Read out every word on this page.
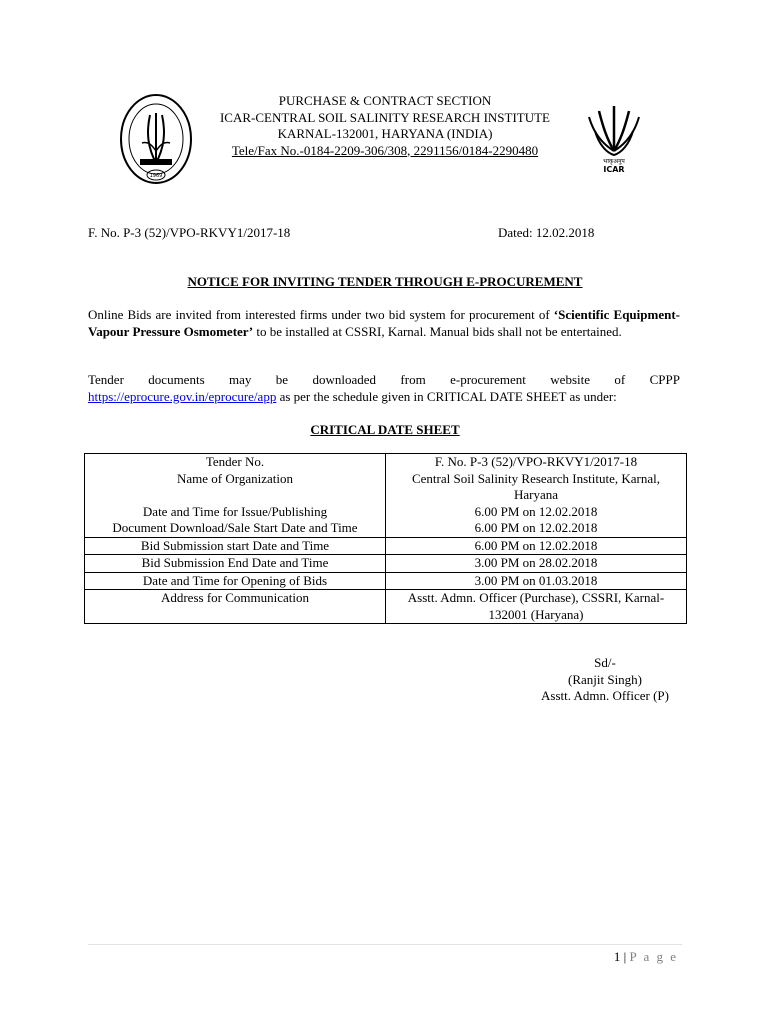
1969
PURCHASE & CONTRACT SECTION
ICAR-CENTRAL SOIL SALINITY RESEARCH INSTITUTE
KARNAL-132001, HARYANA (INDIA)
Tele/Fax No.-0184-2209-306/308, 2291156/0184-2290480
भाकृअनुप
ICAR
F. No. P-3 (52)/VPO-RKVY1/2017-18	Dated: 12.02.2018
NOTICE FOR INVITING TENDER THROUGH E-PROCUREMENT
Online Bids are invited from interested firms under two bid system for procurement of ‘Scientific Equipment-Vapour Pressure Osmometer’ to be installed at CSSRI, Karnal. Manual bids shall not be entertained.
Tender documents may be downloaded from e-procurement website of CPPP https://eprocure.gov.in/eprocure/app as per the schedule given in CRITICAL DATE SHEET as under:
CRITICAL DATE SHEET
Tender No.	F. No. P-3 (52)/VPO-RKVY1/2017-18
Name of Organization	Central Soil Salinity Research Institute, Karnal, Haryana
Date and Time for Issue/Publishing	6.00 PM on 12.02.2018
Document Download/Sale Start Date and Time	6.00 PM on 12.02.2018
Bid Submission start Date and Time	6.00 PM on 12.02.2018
Bid Submission End Date and Time	3.00 PM on 28.02.2018
Date and Time for Opening of Bids	3.00 PM on 01.03.2018
Address for Communication	Asstt. Admn. Officer (Purchase), CSSRI, Karnal-132001 (Haryana)
Sd/-
(Ranjit Singh)
Asstt. Admn. Officer (P)
1 | P a g e
